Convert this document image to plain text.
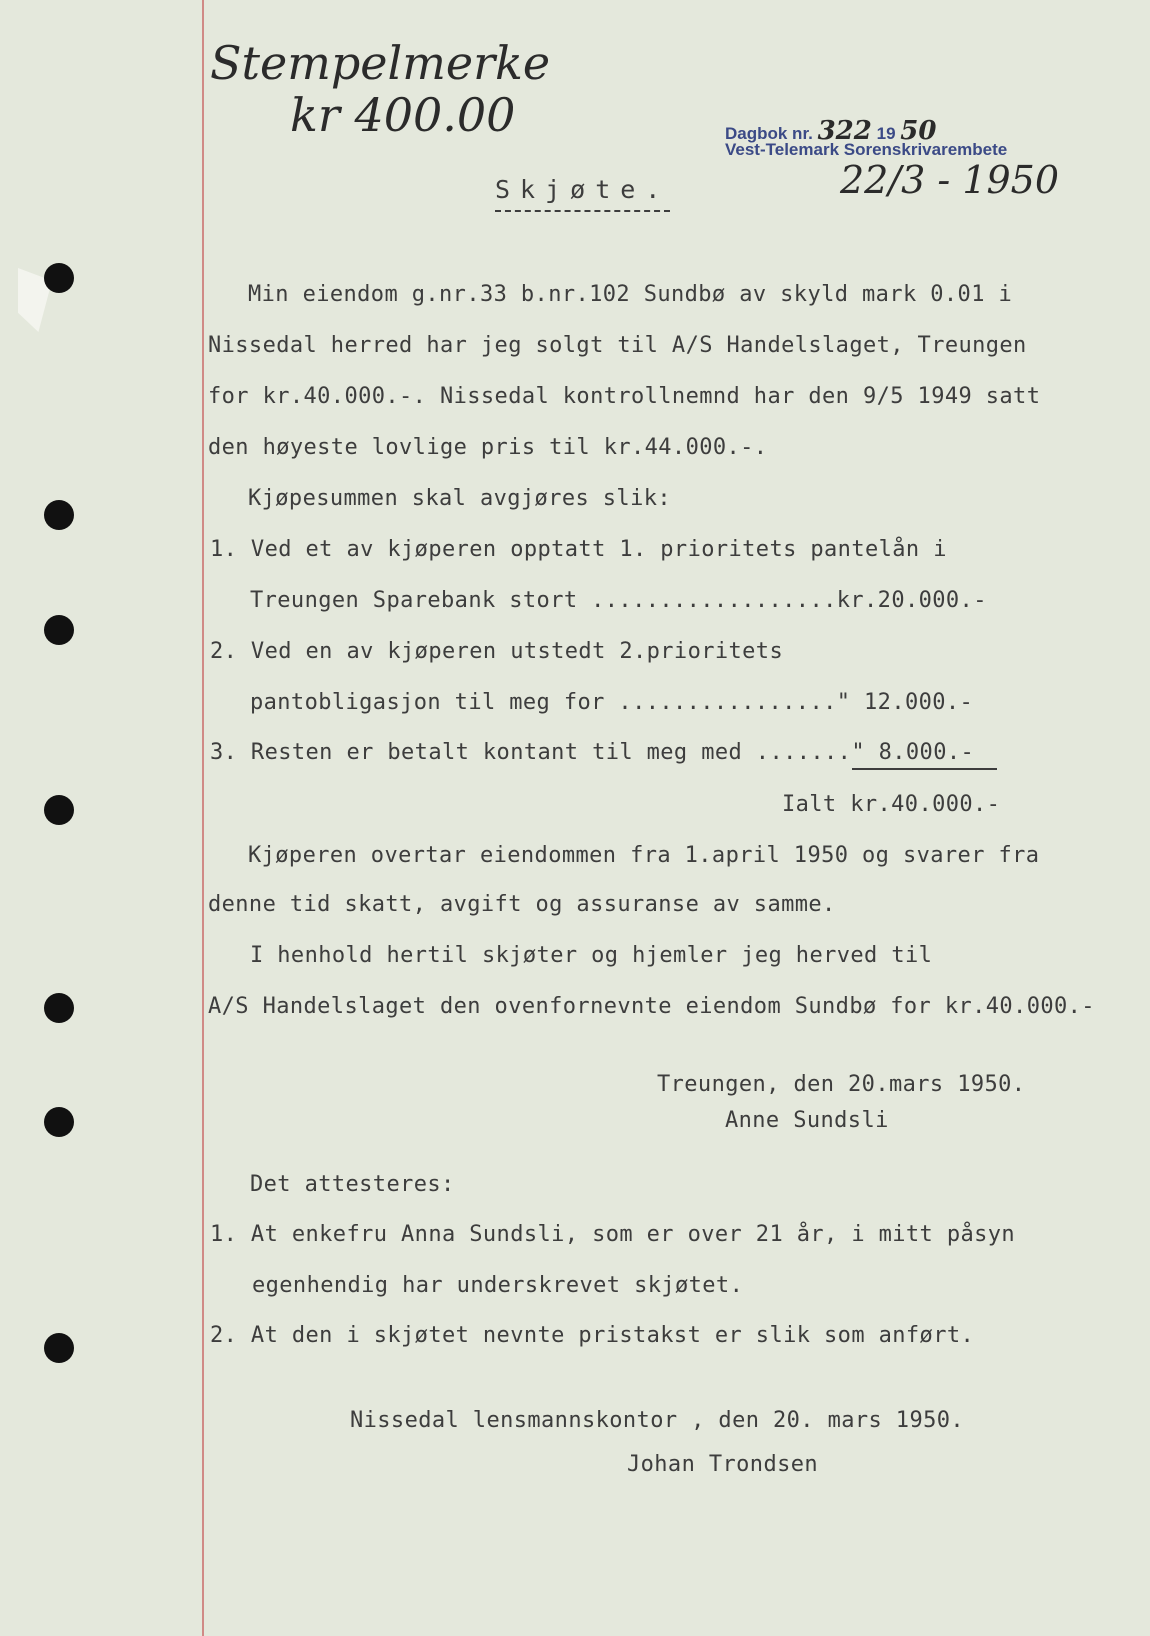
Stempelmerke
kr 400.00	Dagbok nr. 322 19 50
Vest-Telemark Sorenskrivarembete
22/3 - 1950
Skjøte.
Min eiendom g.nr.33 b.nr.102 Sundbø av skyld mark 0.01 i
Nissedal herred har jeg solgt til A/S Handelslaget, Treungen
for kr.40.000.-. Nissedal kontrollnemnd har den 9/5 1949 satt
den høyeste lovlige pris til kr.44.000.-.
Kjøpesummen skal avgjøres slik:
1. Ved et av kjøperen opptatt 1. prioritets pantelån i
Treungen Sparebank stort ..................kr.20.000.-
2. Ved en av kjøperen utstedt 2.prioritets
pantobligasjon til meg for ................" 12.000.-
3. Resten er betalt kontant til meg med ......." 8.000.-
Ialt kr.40.000.-
Kjøperen overtar eiendommen fra 1.april 1950 og svarer fra
denne tid skatt, avgift og assuranse av samme.
I henhold hertil skjøter og hjemler jeg herved til
A/S Handelslaget den ovenfornevnte eiendom Sundbø for kr.40.000.-
Treungen, den 20.mars 1950.
Anne Sundsli
Det attesteres:
1. At enkefru Anna Sundsli, som er over 21 år, i mitt påsyn
egenhendig har underskrevet skjøtet.
2. At den i skjøtet nevnte pristakst er slik som anført.
Nissedal lensmannskontor , den 20. mars 1950.
Johan Trondsen
